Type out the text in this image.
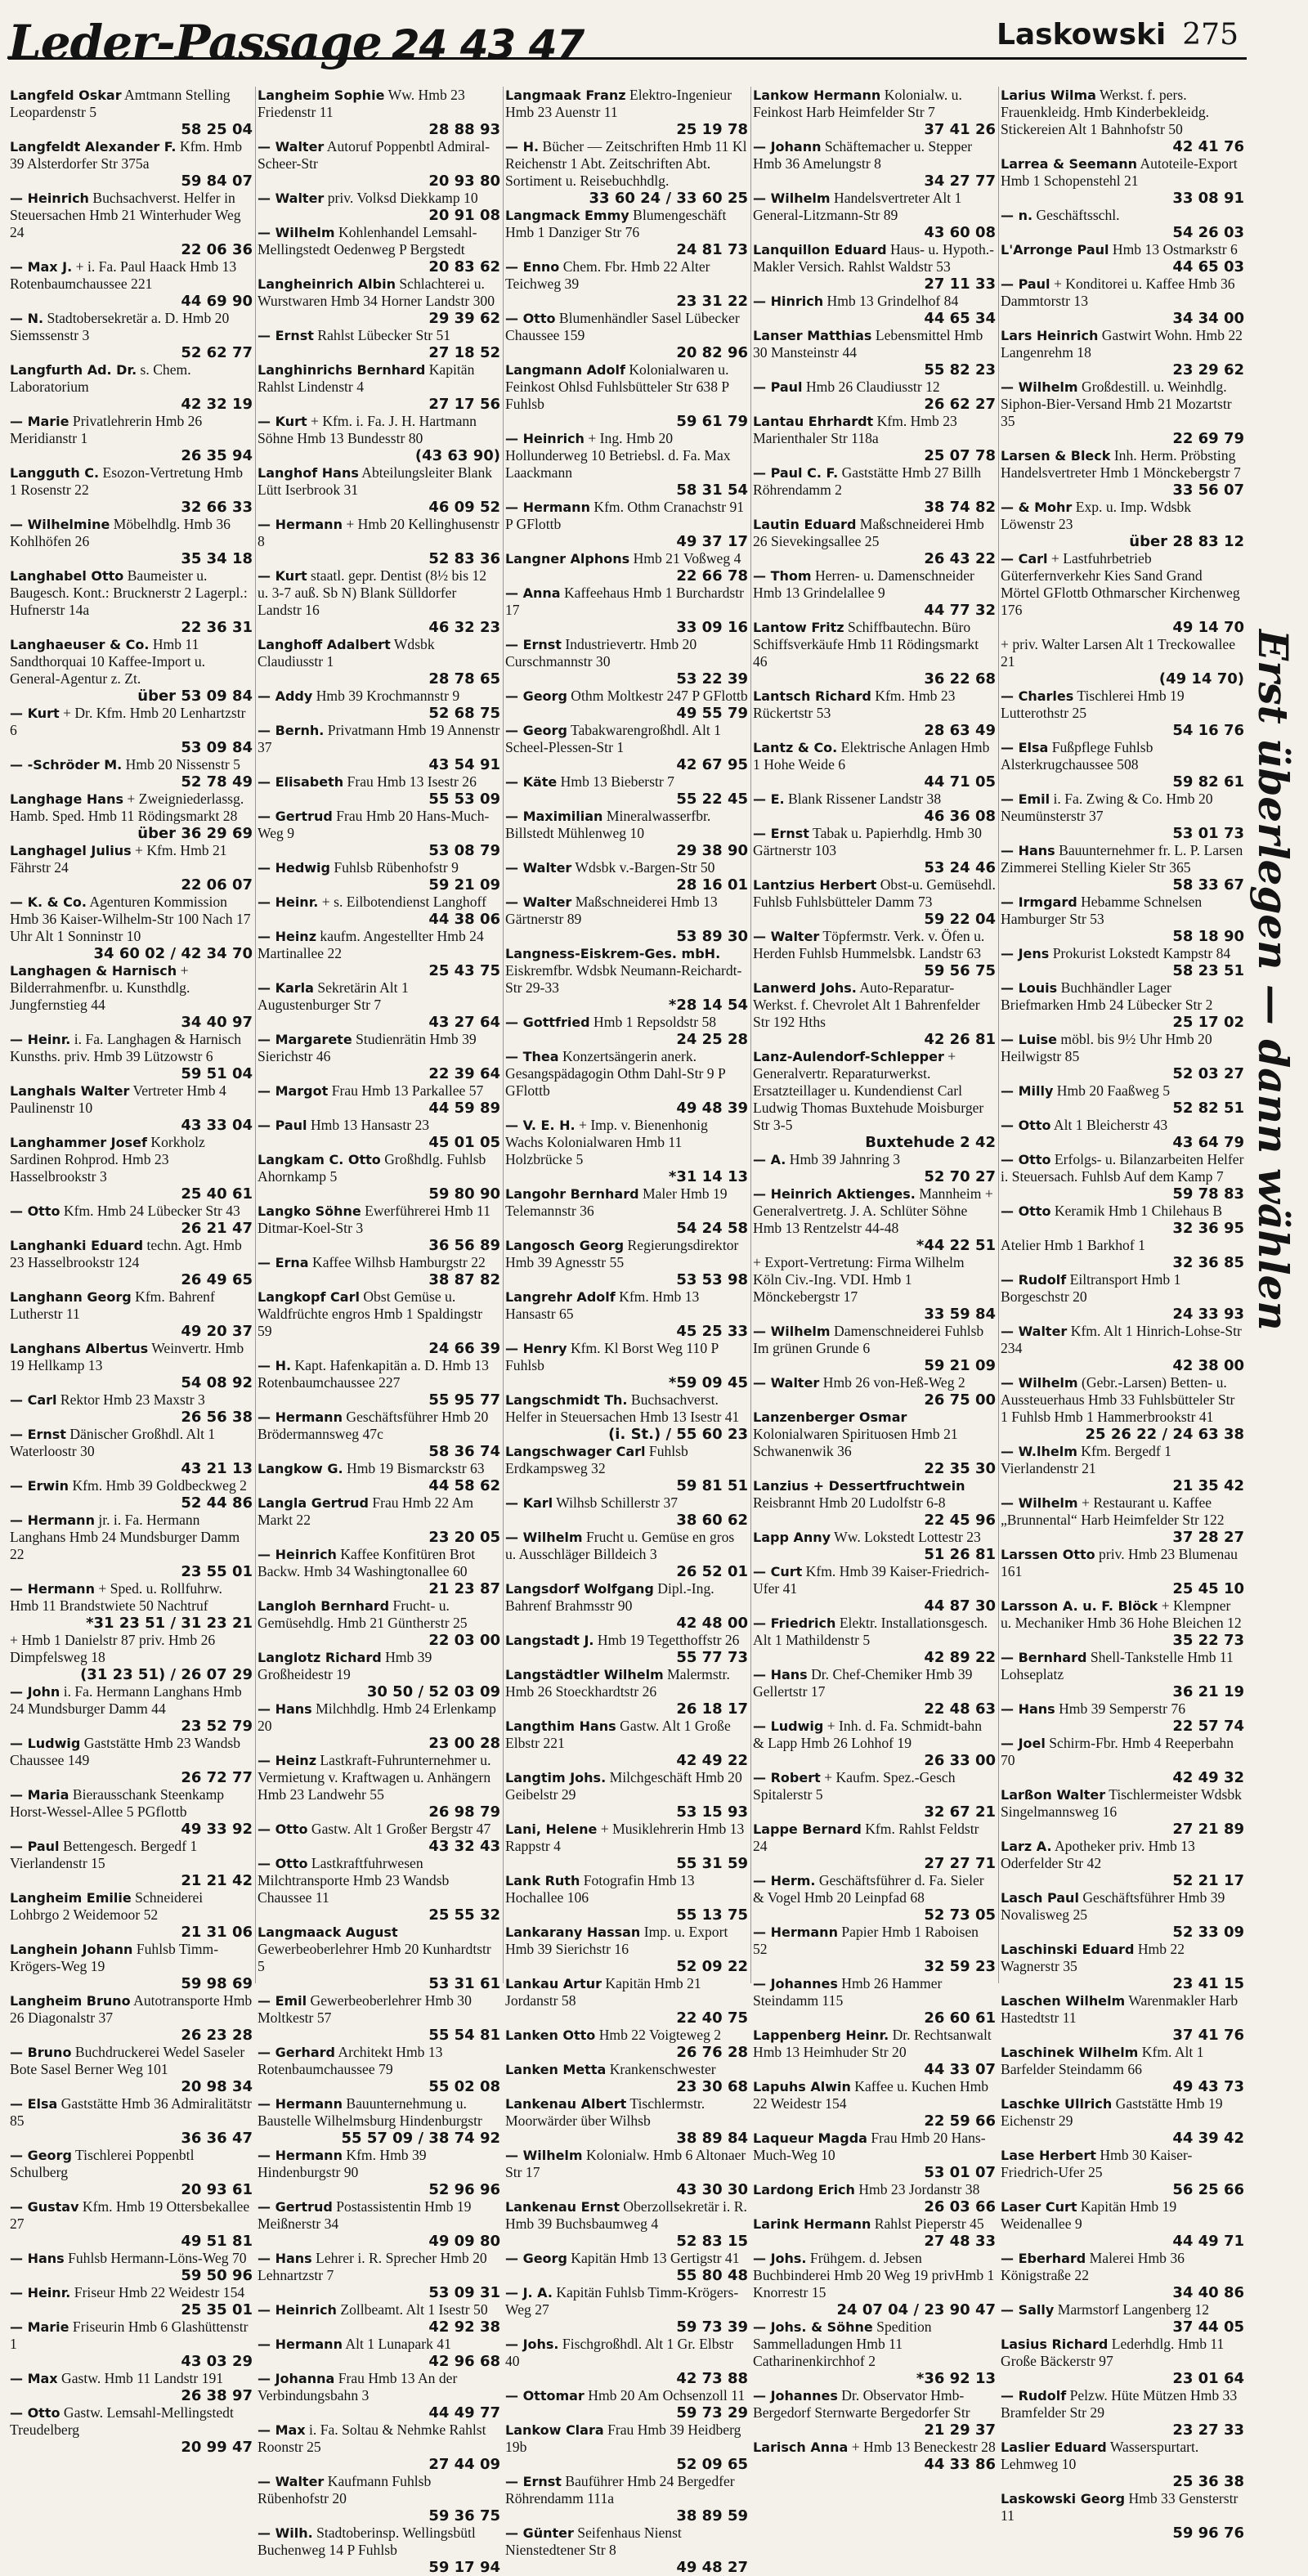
Leder-Passage 24 43 47	Laskowski 275

Langfeld Oskar Amtmann Stelling Leopardenstr 5
58 25 04

Langfeldt Alexander F. Kfm. Hmb 39 Alsterdorfer Str 375a
59 84 07

— Heinrich Buchsachverst. Helfer in Steuersachen Hmb 21 Winterhuder Weg 24
22 06 36

— Max J. + i. Fa. Paul Haack Hmb 13 Rotenbaumchaussee 221
44 69 90

— N. Stadtobersekretär a. D. Hmb 20 Siemssenstr 3
52 62 77

Langfurth Ad. Dr. s. Chem. Laboratorium
42 32 19

— Marie Privatlehrerin Hmb 26 Meridianstr 1
26 35 94

Langguth C. Esozon-Vertretung Hmb 1 Rosenstr 22
32 66 33

— Wilhelmine Möbelhdlg. Hmb 36 Kohlhöfen 26
35 34 18

Langhabel Otto Baumeister u. Baugesch. Kont.: Brucknerstr 2 Lagerpl.: Hufnerstr 14a
22 36 31

Langhaeuser & Co. Hmb 11 Sandthorquai 10 Kaffee-Import u. General-Agentur z. Zt.
über 53 09 84

— Kurt + Dr. Kfm. Hmb 20 Lenhartzstr 6
53 09 84

— -Schröder M. Hmb 20 Nissenstr 5
52 78 49

Langhage Hans + Zweigniederlassg. Hamb. Sped. Hmb 11 Rödingsmarkt 28
über 36 29 69

Langhagel Julius + Kfm. Hmb 21 Fährstr 24
22 06 07

— K. & Co. Agenturen Kommission Hmb 36 Kaiser-Wilhelm-Str 100 Nach 17 Uhr Alt 1 Sonninstr 10
34 60 02 / 42 34 70

Langhagen & Harnisch + Bilderrahmenfbr. u. Kunsthdlg. Jungfernstieg 44
34 40 97

— Heinr. i. Fa. Langhagen & Harnisch Kunsths. priv. Hmb 39 Lützowstr 6
59 51 04

Langhals Walter Vertreter Hmb 4 Paulinenstr 10
43 33 04

Langhammer Josef Korkholz Sardinen Rohprod. Hmb 23 Hasselbrookstr 3
25 40 61

— Otto Kfm. Hmb 24 Lübecker Str 43
26 21 47

Langhanki Eduard techn. Agt. Hmb 23 Hasselbrookstr 124
26 49 65

Langhann Georg Kfm. Bahrenf Lutherstr 11
49 20 37

Langhans Albertus Weinvertr. Hmb 19 Hellkamp 13
54 08 92

— Carl Rektor Hmb 23 Maxstr 3
26 56 38

— Ernst Dänischer Großhdl. Alt 1 Waterloostr 30
43 21 13

— Erwin Kfm. Hmb 39 Goldbeckweg 2
52 44 86

— Hermann jr. i. Fa. Hermann Langhans Hmb 24 Mundsburger Damm 22
23 55 01

— Hermann + Sped. u. Rollfuhrw. Hmb 11 Brandstwiete 50 Nachtruf
*31 23 51 / 31 23 21

+ Hmb 1 Danielstr 87 priv. Hmb 26 Dimpfelsweg 18
(31 23 51) / 26 07 29

— John i. Fa. Hermann Langhans Hmb 24 Mundsburger Damm 44
23 52 79

— Ludwig Gaststätte Hmb 23 Wandsb Chaussee 149
26 72 77

— Maria Bierausschank Steenkamp Horst-Wessel-Allee 5 PGflottb
49 33 92

— Paul Bettengesch. Bergedf 1 Vierlandenstr 15
21 21 42

Langheim Emilie Schneiderei Lohbrgo 2 Weidemoor 52
21 31 06

Langhein Johann Fuhlsb Timm-Krögers-Weg 19
59 98 69

Langheim Bruno Autotransporte Hmb 26 Diagonalstr 37
26 23 28

— Bruno Buchdruckerei Wedel Saseler Bote Sasel Berner Weg 101
20 98 34

— Elsa Gaststätte Hmb 36 Admiralitätstr 85
36 36 47

— Georg Tischlerei Poppenbtl Schulberg
20 93 61

— Gustav Kfm. Hmb 19 Ottersbekallee 27
49 51 81

— Hans Fuhlsb Hermann-Löns-Weg 70
59 50 96

— Heinr. Friseur Hmb 22 Weidestr 154
25 35 01

— Marie Friseurin Hmb 6 Glashüttenstr 1
43 03 29

— Max Gastw. Hmb 11 Landstr 191
26 38 97

— Otto Gastw. Lemsahl-Mellingstedt Treudelberg
20 99 47

Langheim Sophie Ww. Hmb 23 Friedenstr 11
28 88 93

— Walter Autoruf Poppenbtl Admiral-Scheer-Str
20 93 80

— Walter priv. Volksd Diekkamp 10
20 91 08

— Wilhelm Kohlenhandel Lemsahl-Mellingstedt Oedenweg P Bergstedt
20 83 62

Langheinrich Albin Schlachterei u. Wurstwaren Hmb 34 Horner Landstr 300
29 39 62

— Ernst Rahlst Lübecker Str 51
27 18 52

Langhinrichs Bernhard Kapitän Rahlst Lindenstr 4
27 17 56

— Kurt + Kfm. i. Fa. J. H. Hartmann Söhne Hmb 13 Bundesstr 80
(43 63 90)

Langhof Hans Abteilungsleiter Blank Lütt Iserbrook 31
46 09 52

— Hermann + Hmb 20 Kellinghusenstr 8
52 83 36

— Kurt staatl. gepr. Dentist (8½ bis 12 u. 3-7 auß. Sb N) Blank Sülldorfer Landstr 16
46 32 23

Langhoff Adalbert Wdsbk Claudiusstr 1
28 78 65

— Addy Hmb 39 Krochmannstr 9
52 68 75

— Bernh. Privatmann Hmb 19 Annenstr 37
43 54 91

— Elisabeth Frau Hmb 13 Isestr 26
55 53 09

— Gertrud Frau Hmb 20 Hans-Much-Weg 9
53 08 79

— Hedwig Fuhlsb Rübenhofstr 9
59 21 09

— Heinr. + s. Eilbotendienst Langhoff
44 38 06

— Heinz kaufm. Angestellter Hmb 24 Martinallee 22
25 43 75

— Karla Sekretärin Alt 1 Augustenburger Str 7
43 27 64

— Margarete Studienrätin Hmb 39 Sierichstr 46
22 39 64

— Margot Frau Hmb 13 Parkallee 57
44 59 89

— Paul Hmb 13 Hansastr 23
45 01 05

Langkam C. Otto Großhdlg. Fuhlsb Ahornkamp 5
59 80 90

Langko Söhne Ewerführerei Hmb 11 Ditmar-Koel-Str 3
36 56 89

— Erna Kaffee Wilhsb Hamburgstr 22
38 87 82

Langkopf Carl Obst Gemüse u. Waldfrüchte engros Hmb 1 Spaldingstr 59
24 66 39

— H. Kapt. Hafenkapitän a. D. Hmb 13 Rotenbaumchaussee 227
55 95 77

— Hermann Geschäftsführer Hmb 20 Brödermannsweg 47c
58 36 74

Langkow G. Hmb 19 Bismarckstr 63
44 58 62

Langla Gertrud Frau Hmb 22 Am Markt 22
23 20 05

— Heinrich Kaffee Konfitüren Brot Backw. Hmb 34 Washingtonallee 60
21 23 87

Langloh Bernhard Frucht- u. Gemüsehdlg. Hmb 21 Güntherstr 25
22 03 00

Langlotz Richard Hmb 39 Großheidestr 19
30 50 / 52 03 09

— Hans Milchhdlg. Hmb 24 Erlenkamp 20
23 00 28

— Heinz Lastkraft-Fuhrunternehmer u. Vermietung v. Kraftwagen u. Anhängern Hmb 23 Landwehr 55
26 98 79

— Otto Gastw. Alt 1 Großer Bergstr 47
43 32 43

— Otto Lastkraftfuhrwesen Milchtransporte Hmb 23 Wandsb Chaussee 11
25 55 32

Langmaack August Gewerbeoberlehrer Hmb 20 Kunhardtstr 5
53 31 61

— Emil Gewerbeoberlehrer Hmb 30 Moltkestr 57
55 54 81

— Gerhard Architekt Hmb 13 Rotenbaumchaussee 79
55 02 08

— Hermann Bauunternehmung u. Baustelle Wilhelmsburg Hindenburgstr
55 57 09 / 38 74 92

— Hermann Kfm. Hmb 39 Hindenburgstr 90
52 96 96

— Gertrud Postassistentin Hmb 19 Meißnerstr 34
49 09 80

— Hans Lehrer i. R. Sprecher Hmb 20 Lehnartzstr 7
53 09 31

— Heinrich Zollbeamt. Alt 1 Isestr 50
42 92 38

— Hermann Alt 1 Lunapark 41
42 96 68

— Johanna Frau Hmb 13 An der Verbindungsbahn 3
44 49 77

— Max i. Fa. Soltau & Nehmke Rahlst Roonstr 25
27 44 09

— Walter Kaufmann Fuhlsb Rübenhofstr 20
59 36 75

— Wilh. Stadtoberinsp. Wellingsbütl Buchenweg 14 P Fuhlsb
59 17 94

Langmaak Franz Elektro-Ingenieur Hmb 23 Auenstr 11
25 19 78

— H. Bücher — Zeitschriften Hmb 11 Kl Reichenstr 1 Abt. Zeitschriften Abt. Sortiment u. Reisebuchhdlg.
33 60 24 / 33 60 25

Langmack Emmy Blumengeschäft Hmb 1 Danziger Str 76
24 81 73

— Enno Chem. Fbr. Hmb 22 Alter Teichweg 39
23 31 22

— Otto Blumenhändler Sasel Lübecker Chaussee 159
20 82 96

Langmann Adolf Kolonialwaren u. Feinkost Ohlsd Fuhlsbütteler Str 638 P Fuhlsb
59 61 79

— Heinrich + Ing. Hmb 20 Hollunderweg 10 Betriebsl. d. Fa. Max Laackmann
58 31 54

— Hermann Kfm. Othm Cranachstr 91 P GFlottb
49 37 17

Langner Alphons Hmb 21 Voßweg 4
22 66 78

— Anna Kaffeehaus Hmb 1 Burchardstr 17
33 09 16

— Ernst Industrievertr. Hmb 20 Curschmannstr 30
53 22 39

— Georg Othm Moltkestr 247 P GFlottb
49 55 79

— Georg Tabakwarengroßhdl. Alt 1 Scheel-Plessen-Str 1
42 67 95

— Käte Hmb 13 Bieberstr 7
55 22 45

— Maximilian Mineralwasserfbr. Billstedt Mühlenweg 10
29 38 90

— Walter Wdsbk v.-Bargen-Str 50
28 16 01

— Walter Maßschneiderei Hmb 13 Gärtnerstr 89
53 89 30

Langness-Eiskrem-Ges. mbH. Eiskremfbr. Wdsbk Neumann-Reichardt-Str 29-33
*28 14 54

— Gottfried Hmb 1 Repsoldstr 58
24 25 28

— Thea Konzertsängerin anerk. Gesangspädagogin Othm Dahl-Str 9 P GFlottb
49 48 39

— V. E. H. + Imp. v. Bienenhonig Wachs Kolonialwaren Hmb 11 Holzbrücke 5
*31 14 13

Langohr Bernhard Maler Hmb 19 Telemannstr 36
54 24 58

Langosch Georg Regierungsdirektor Hmb 39 Agnesstr 55
53 53 98

Langrehr Adolf Kfm. Hmb 13 Hansastr 65
45 25 33

— Henry Kfm. Kl Borst Weg 110 P Fuhlsb
*59 09 45

Langschmidt Th. Buchsachverst. Helfer in Steuersachen Hmb 13 Isestr 41
(i. St.) / 55 60 23

Langschwager Carl Fuhlsb Erdkampsweg 32
59 81 51

— Karl Wilhsb Schillerstr 37
38 60 62

— Wilhelm Frucht u. Gemüse en gros u. Ausschläger Billdeich 3
26 52 01

Langsdorf Wolfgang Dipl.-Ing. Bahrenf Brahmsstr 90
42 48 00

Langstadt J. Hmb 19 Tegetthoffstr 26
55 77 73

Langstädtler Wilhelm Malermstr. Hmb 26 Stoeckhardtstr 26
26 18 17

Langthim Hans Gastw. Alt 1 Große Elbstr 221
42 49 22

Langtim Johs. Milchgeschäft Hmb 20 Geibelstr 29
53 15 93

Lani, Helene + Musiklehrerin Hmb 13 Rappstr 4
55 31 59

Lank Ruth Fotografin Hmb 13 Hochallee 106
55 13 75

Lankarany Hassan Imp. u. Export Hmb 39 Sierichstr 16
52 09 22

Lankau Artur Kapitän Hmb 21 Jordanstr 58
22 40 75

Lanken Otto Hmb 22 Voigteweg 2
26 76 28

Lanken Metta Krankenschwester
23 30 68

Lankenau Albert Tischlermstr. Moorwärder über Wilhsb
38 89 84

— Wilhelm Kolonialw. Hmb 6 Altonaer Str 17
43 30 30

Lankenau Ernst Oberzollsekretär i. R. Hmb 39 Buchsbaumweg 4
52 83 15

— Georg Kapitän Hmb 13 Gertigstr 41
55 80 48

— J. A. Kapitän Fuhlsb Timm-Krögers-Weg 27
59 73 39

— Johs. Fischgroßhdl. Alt 1 Gr. Elbstr 40
42 73 88

— Ottomar Hmb 20 Am Ochsenzoll 11
59 73 29

Lankow Clara Frau Hmb 39 Heidberg 19b
52 09 65

— Ernst Bauführer Hmb 24 Bergedfer Röhrendamm 111a
38 89 59

— Günter Seifenhaus Nienst Nienstedtener Str 8
49 48 27

Lankow Hermann Kolonialw. u. Feinkost Harb Heimfelder Str 7
37 41 26

— Johann Schäftemacher u. Stepper Hmb 36 Amelungstr 8
34 27 77

— Wilhelm Handelsvertreter Alt 1 General-Litzmann-Str 89
43 60 08

Lanquillon Eduard Haus- u. Hypoth.-Makler Versich. Rahlst Waldstr 53
27 11 33

— Hinrich Hmb 13 Grindelhof 84
44 65 34

Lanser Matthias Lebensmittel Hmb 30 Mansteinstr 44
55 82 23

— Paul Hmb 26 Claudiusstr 12
26 62 27

Lantau Ehrhardt Kfm. Hmb 23 Marienthaler Str 118a
25 07 78

— Paul C. F. Gaststätte Hmb 27 Billh Röhrendamm 2
38 74 82

Lautin Eduard Maßschneiderei Hmb 26 Sievekingsallee 25
26 43 22

— Thom Herren- u. Damenschneider Hmb 13 Grindelallee 9
44 77 32

Lantow Fritz Schiffbautechn. Büro Schiffsverkäufe Hmb 11 Rödingsmarkt 46
36 22 68

Lantsch Richard Kfm. Hmb 23 Rückertstr 53
28 63 49

Lantz & Co. Elektrische Anlagen Hmb 1 Hohe Weide 6
44 71 05

— E. Blank Rissener Landstr 38
46 36 08

— Ernst Tabak u. Papierhdlg. Hmb 30 Gärtnerstr 103
53 24 46

Lantzius Herbert Obst-u. Gemüsehdl. Fuhlsb Fuhlsbütteler Damm 73
59 22 04

— Walter Töpfermstr. Verk. v. Öfen u. Herden Fuhlsb Hummelsbk. Landstr 63
59 56 75

Lanwerd Johs. Auto-Reparatur-Werkst. f. Chevrolet Alt 1 Bahrenfelder Str 192 Hths
42 26 81

Lanz-Aulendorf-Schlepper + Generalvertr. Reparaturwerkst. Ersatzteillager u. Kundendienst Carl Ludwig Thomas Buxtehude Moisburger Str 3-5
Buxtehude 2 42

— A. Hmb 39 Jahnring 3
52 70 27

— Heinrich Aktienges. Mannheim + Generalvertretg. J. A. Schlüter Söhne Hmb 13 Rentzelstr 44-48
*44 22 51

+ Export-Vertretung: Firma Wilhelm Köln Civ.-Ing. VDI. Hmb 1 Mönckebergstr 17
33 59 84

— Wilhelm Damenschneiderei Fuhlsb Im grünen Grunde 6
59 21 09

— Walter Hmb 26 von-Heß-Weg 2
26 75 00

Lanzenberger Osmar Kolonialwaren Spirituosen Hmb 21 Schwanenwik 36
22 35 30

Lanzius + Dessertfruchtwein Reisbrannt Hmb 20 Ludolfstr 6-8
22 45 96

Lapp Anny Ww. Lokstedt Lottestr 23
51 26 81

— Curt Kfm. Hmb 39 Kaiser-Friedrich-Ufer 41
44 87 30

— Friedrich Elektr. Installationsgesch. Alt 1 Mathildenstr 5
42 89 22

— Hans Dr. Chef-Chemiker Hmb 39 Gellertstr 17
22 48 63

— Ludwig + Inh. d. Fa. Schmidt-bahn & Lapp Hmb 26 Lohhof 19
26 33 00

— Robert + Kaufm. Spez.-Gesch Spitalerstr 5
32 67 21

Lappe Bernard Kfm. Rahlst Feldstr 24
27 27 71

— Herm. Geschäftsführer d. Fa. Sieler & Vogel Hmb 20 Leinpfad 68
52 73 05

— Hermann Papier Hmb 1 Raboisen 52
32 59 23

— Johannes Hmb 26 Hammer Steindamm 115
26 60 61

Lappenberg Heinr. Dr. Rechtsanwalt Hmb 13 Heimhuder Str 20
44 33 07

Lapuhs Alwin Kaffee u. Kuchen Hmb 22 Weidestr 154
22 59 66

Laqueur Magda Frau Hmb 20 Hans-Much-Weg 10
53 01 07

Lardong Erich Hmb 23 Jordanstr 38
26 03 66

Larink Hermann Rahlst Pieperstr 45
27 48 33

— Johs. Frühgem. d. Jebsen Buchbinderei Hmb 20 Weg 19 privHmb 1 Knorrestr 15
24 07 04 / 23 90 47

— Johs. & Söhne Spedition Sammelladungen Hmb 11 Catharinenkirchhof 2
*36 92 13

— Johannes Dr. Observator Hmb-Bergedorf Sternwarte Bergedorfer Str
21 29 37

Larisch Anna + Hmb 13 Beneckestr 28
44 33 86

Larius Wilma Werkst. f. pers. Frauenkleidg. Hmb Kinderbekleidg. Stickereien Alt 1 Bahnhofstr 50
42 41 76

Larrea & Seemann Autoteile-Export Hmb 1 Schopenstehl 21
33 08 91

— n. Geschäftsschl.
54 26 03

L'Arronge Paul Hmb 13 Ostmarkstr 6
44 65 03

— Paul + Konditorei u. Kaffee Hmb 36 Dammtorstr 13
34 34 00

Lars Heinrich Gastwirt Wohn. Hmb 22 Langenrehm 18
23 29 62

— Wilhelm Großdestill. u. Weinhdlg. Siphon-Bier-Versand Hmb 21 Mozartstr 35
22 69 79

Larsen & Bleck Inh. Herm. Pröbsting Handelsvertreter Hmb 1 Mönckebergstr 7
33 56 07

— & Mohr Exp. u. Imp. Wdsbk Löwenstr 23
über 28 83 12

— Carl + Lastfuhrbetrieb Güterfernverkehr Kies Sand Grand Mörtel GFlottb Othmarscher Kirchenweg 176
49 14 70

+ priv. Walter Larsen Alt 1 Treckowallee 21
(49 14 70)

— Charles Tischlerei Hmb 19 Lutterothstr 25
54 16 76

— Elsa Fußpflege Fuhlsb Alsterkrugchaussee 508
59 82 61

— Emil i. Fa. Zwing & Co. Hmb 20 Neumünsterstr 37
53 01 73

— Hans Bauunternehmer fr. L. P. Larsen Zimmerei Stelling Kieler Str 365
58 33 67

— Irmgard Hebamme Schnelsen Hamburger Str 53
58 18 90

— Jens Prokurist Lokstedt Kampstr 84
58 23 51

— Louis Buchhändler Lager Briefmarken Hmb 24 Lübecker Str 2
25 17 02

— Luise möbl. bis 9½ Uhr Hmb 20 Heilwigstr 85
52 03 27

— Milly Hmb 20 Faaßweg 5
52 82 51

— Otto Alt 1 Bleicherstr 43
43 64 79

— Otto Erfolgs- u. Bilanzarbeiten Helfer i. Steuersach. Fuhlsb Auf dem Kamp 7
59 78 83

— Otto Keramik Hmb 1 Chilehaus B
32 36 95

Atelier Hmb 1 Barkhof 1
32 36 85

— Rudolf Eiltransport Hmb 1 Borgeschstr 20
24 33 93

— Walter Kfm. Alt 1 Hinrich-Lohse-Str 234
42 38 00

— Wilhelm (Gebr.-Larsen) Betten- u. Aussteuerhaus Hmb 33 Fuhlsbütteler Str 1 Fuhlsb Hmb 1 Hammerbrookstr 41
25 26 22 / 24 63 38

— W.lhelm Kfm. Bergedf 1 Vierlandenstr 21
21 35 42

— Wilhelm + Restaurant u. Kaffee „Brunnental“ Harb Heimfelder Str 122
37 28 27

Larssen Otto priv. Hmb 23 Blumenau 161
25 45 10

Larsson A. u. F. Blöck + Klempner u. Mechaniker Hmb 36 Hohe Bleichen 12
35 22 73

— Bernhard Shell-Tankstelle Hmb 11 Lohseplatz
36 21 19

— Hans Hmb 39 Semperstr 76
22 57 74

— Joel Schirm-Fbr. Hmb 4 Reeperbahn 70
42 49 32

Larßon Walter Tischlermeister Wdsbk Singelmannsweg 16
27 21 89

Larz A. Apotheker priv. Hmb 13 Oderfelder Str 42
52 21 17

Lasch Paul Geschäftsführer Hmb 39 Novalisweg 25
52 33 09

Laschinski Eduard Hmb 22 Wagnerstr 35
23 41 15

Laschen Wilhelm Warenmakler Harb Hastedtstr 11
37 41 76

Laschinek Wilhelm Kfm. Alt 1 Barfelder Steindamm 66
49 43 73

Laschke Ullrich Gaststätte Hmb 19 Eichenstr 29
44 39 42

Lase Herbert Hmb 30 Kaiser-Friedrich-Ufer 25
56 25 66

Laser Curt Kapitän Hmb 19 Weidenallee 9
44 49 71

— Eberhard Malerei Hmb 36 Königstraße 22
34 40 86

— Sally Marmstorf Langenberg 12
37 44 05

Lasius Richard Lederhdlg. Hmb 11 Große Bäckerstr 97
23 01 64

— Rudolf Pelzw. Hüte Mützen Hmb 33 Bramfelder Str 29
23 27 33

Laslier Eduard Wasserspurtart. Lehmweg 10
25 36 38

Laskowski Georg Hmb 33 Gensterstr 11
59 96 76

Erst überlegen — dann wählen
